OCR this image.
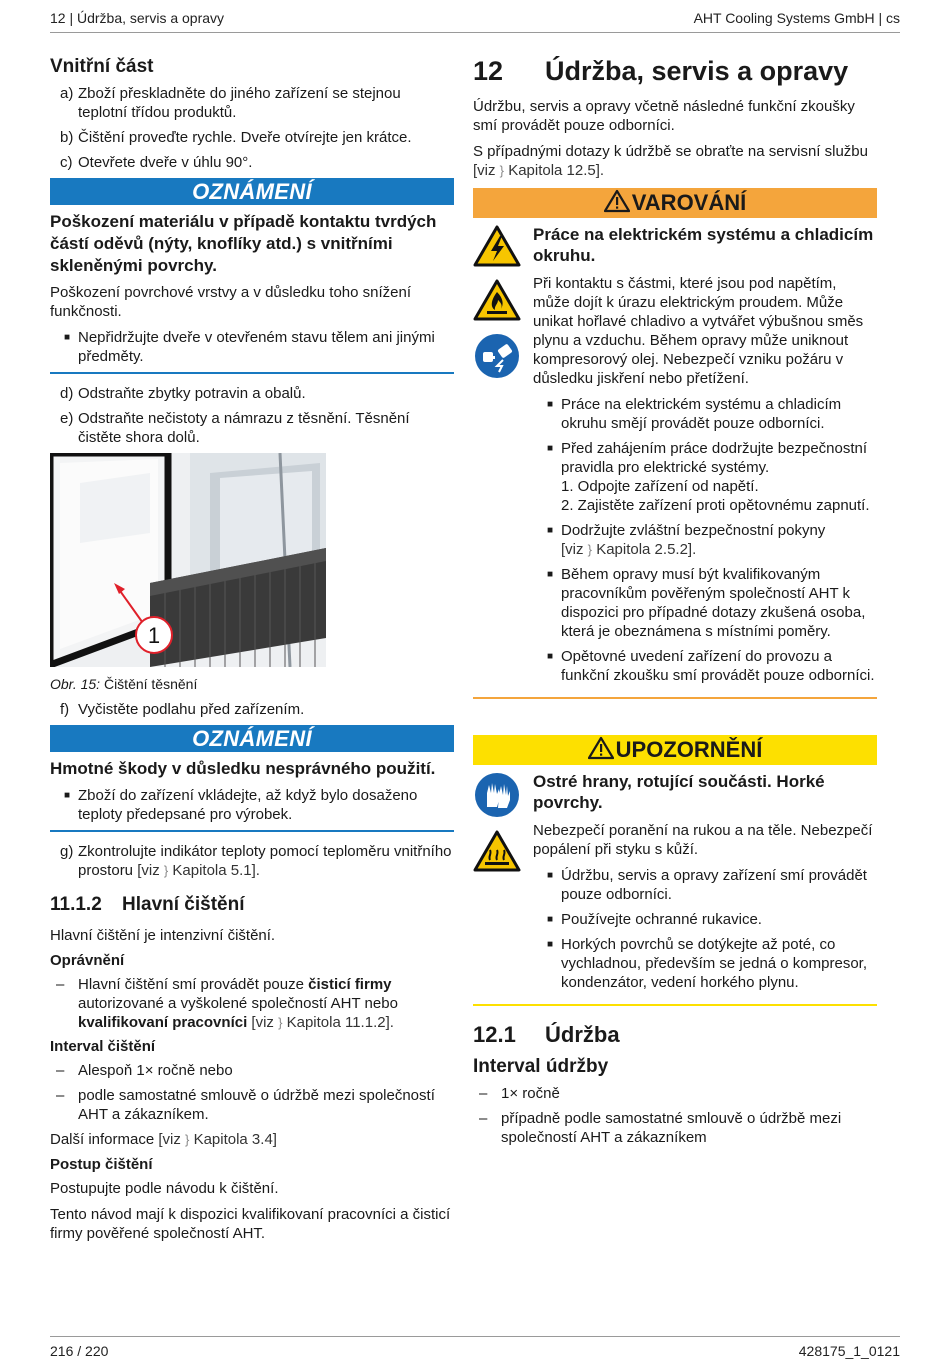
12 | Údržba, servis a opravy	AHT Cooling Systems GmbH | cs
Vnitřní část
a) Zboží přeskladněte do jiného zařízení se stejnou teplotní třídou produktů.
b) Čištění proveďte rychle. Dveře otvírejte jen krátce.
c) Otevřete dveře v úhlu 90°.
OZNÁMENÍ
Poškození materiálu v případě kontaktu tvrdých částí oděvů (nýty, knoflíky atd.) s vnitřními skleněnými povrchy.
Poškození povrchové vrstvy a v důsledku toho snížení funkčnosti.
■ Nepřidržujte dveře v otevřeném stavu tělem ani jinými předměty.
d) Odstraňte zbytky potravin a obalů.
e) Odstraňte nečistoty a námrazu z těsnění. Těsnění čistěte shora dolů.
1
Obr. 15: Čištění těsnění
f) Vyčistěte podlahu před zařízením.
OZNÁMENÍ
Hmotné škody v důsledku nesprávného použití.
■ Zboží do zařízení vkládejte, až když bylo dosaženo teploty předepsané pro výrobek.
g) Zkontrolujte indikátor teploty pomocí teploměru vnitřního prostoru [viz } Kapitola 5.1].
11.1.2 Hlavní čištění
Hlavní čištění je intenzivní čištění.
Oprávnění
– Hlavní čištění smí provádět pouze čisticí firmy autorizované a vyškolené společností AHT nebo kvalifikovaní pracovníci [viz } Kapitola 11.1.2].
Interval čištění
– Alespoň 1× ročně nebo
– podle samostatné smlouvě o údržbě mezi společností AHT a zákazníkem.
Další informace [viz } Kapitola 3.4]
Postup čištění
Postupujte podle návodu k čištění.
Tento návod mají k dispozici kvalifikovaní pracovníci a čisticí firmy pověřené společností AHT.
12	Údržba, servis a opravy
Údržbu, servis a opravy včetně následné funkční zkoušky smí provádět pouze odborníci.
S případnými dotazy k údržbě se obraťte na servisní službu [viz } Kapitola 12.5].
VAROVÁNÍ
Práce na elektrickém systému a chladicím okruhu.
Při kontaktu s částmi, které jsou pod napětím, může dojít k úrazu elektrickým proudem. Může unikat hořlavé chladivo a vytvářet výbušnou směs plynu a vzduchu. Během opravy může uniknout kompresorový olej. Nebezpečí vzniku požáru v důsledku jiskření nebo přetížení.
■ Práce na elektrickém systému a chladicím okruhu smějí provádět pouze odborníci.
■ Před zahájením práce dodržujte bezpečnostní pravidla pro elektrické systémy.
1. Odpojte zařízení od napětí.
2. Zajistěte zařízení proti opětovnému zapnutí.
■ Dodržujte zvláštní bezpečnostní pokyny
[viz } Kapitola 2.5.2].
■ Během opravy musí být kvalifikovaným pracovníkům pověřeným společností AHT k dispozici pro případné dotazy zkušená osoba, která je obeznámena s místními poměry.
■ Opětovné uvedení zařízení do provozu a funkční zkoušku smí provádět pouze odborníci.
UPOZORNĚNÍ
Ostré hrany, rotující součásti. Horké povrchy.
Nebezpečí poranění na rukou a na těle. Nebezpečí popálení při styku s kůží.
■ Údržbu, servis a opravy zařízení smí provádět pouze odborníci.
■ Používejte ochranné rukavice.
■ Horkých povrchů se dotýkejte až poté, co vychladnou, především se jedná o kompresor, kondenzátor, vedení horkého plynu.
12.1	Údržba
Interval údržby
– 1× ročně
– případně podle samostatné smlouvě o údržbě mezi společností AHT a zákazníkem
216 / 220	428175_1_0121
